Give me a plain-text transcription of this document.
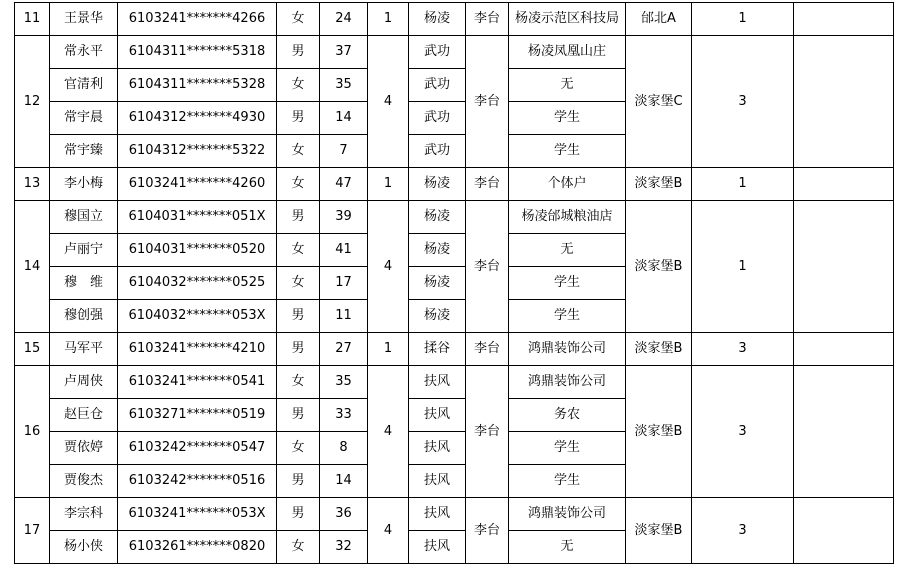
11	王景华	6103241*******4266	女	24	1	杨凌	李台	杨凌示范区科技局	邰北A	1	
12	常永平	6104311*******5318	男	37	4	武功	李台	杨凌凤凰山庄	淡家堡C	3	
	官清利	6104311*******5328	女	35		武功		无			
	常宇晨	6104312*******4930	男	14		武功		学生			
	常宇臻	6104312*******5322	女	7		武功		学生			
13	李小梅	6103241*******4260	女	47	1	杨凌	李台	个体户	淡家堡B	1	
14	穆国立	6104031*******051X	男	39	4	杨凌	李台	杨凌邰城粮油店	淡家堡B	1	
	卢丽宁	6104031*******0520	女	41		杨凌		无			
	穆　维	6104032*******0525	女	17		杨凌		学生			
	穆创强	6104032*******053X	男	11		杨凌		学生			
15	马军平	6103241*******4210	男	27	1	揉谷	李台	鸿鼎装饰公司	淡家堡B	3	
16	卢周侠	6103241*******0541	女	35	4	扶风	李台	鸿鼎装饰公司	淡家堡B	3	
	赵巨仓	6103271*******0519	男	33		扶风		务农			
	贾依婷	6103242*******0547	女	8		扶风		学生			
	贾俊杰	6103242*******0516	男	14		扶风		学生			
17	李宗科	6103241*******053X	男	36	4	扶风	李台	鸿鼎装饰公司	淡家堡B	3	
	杨小侠	6103261*******0820	女	32		扶风		无			
